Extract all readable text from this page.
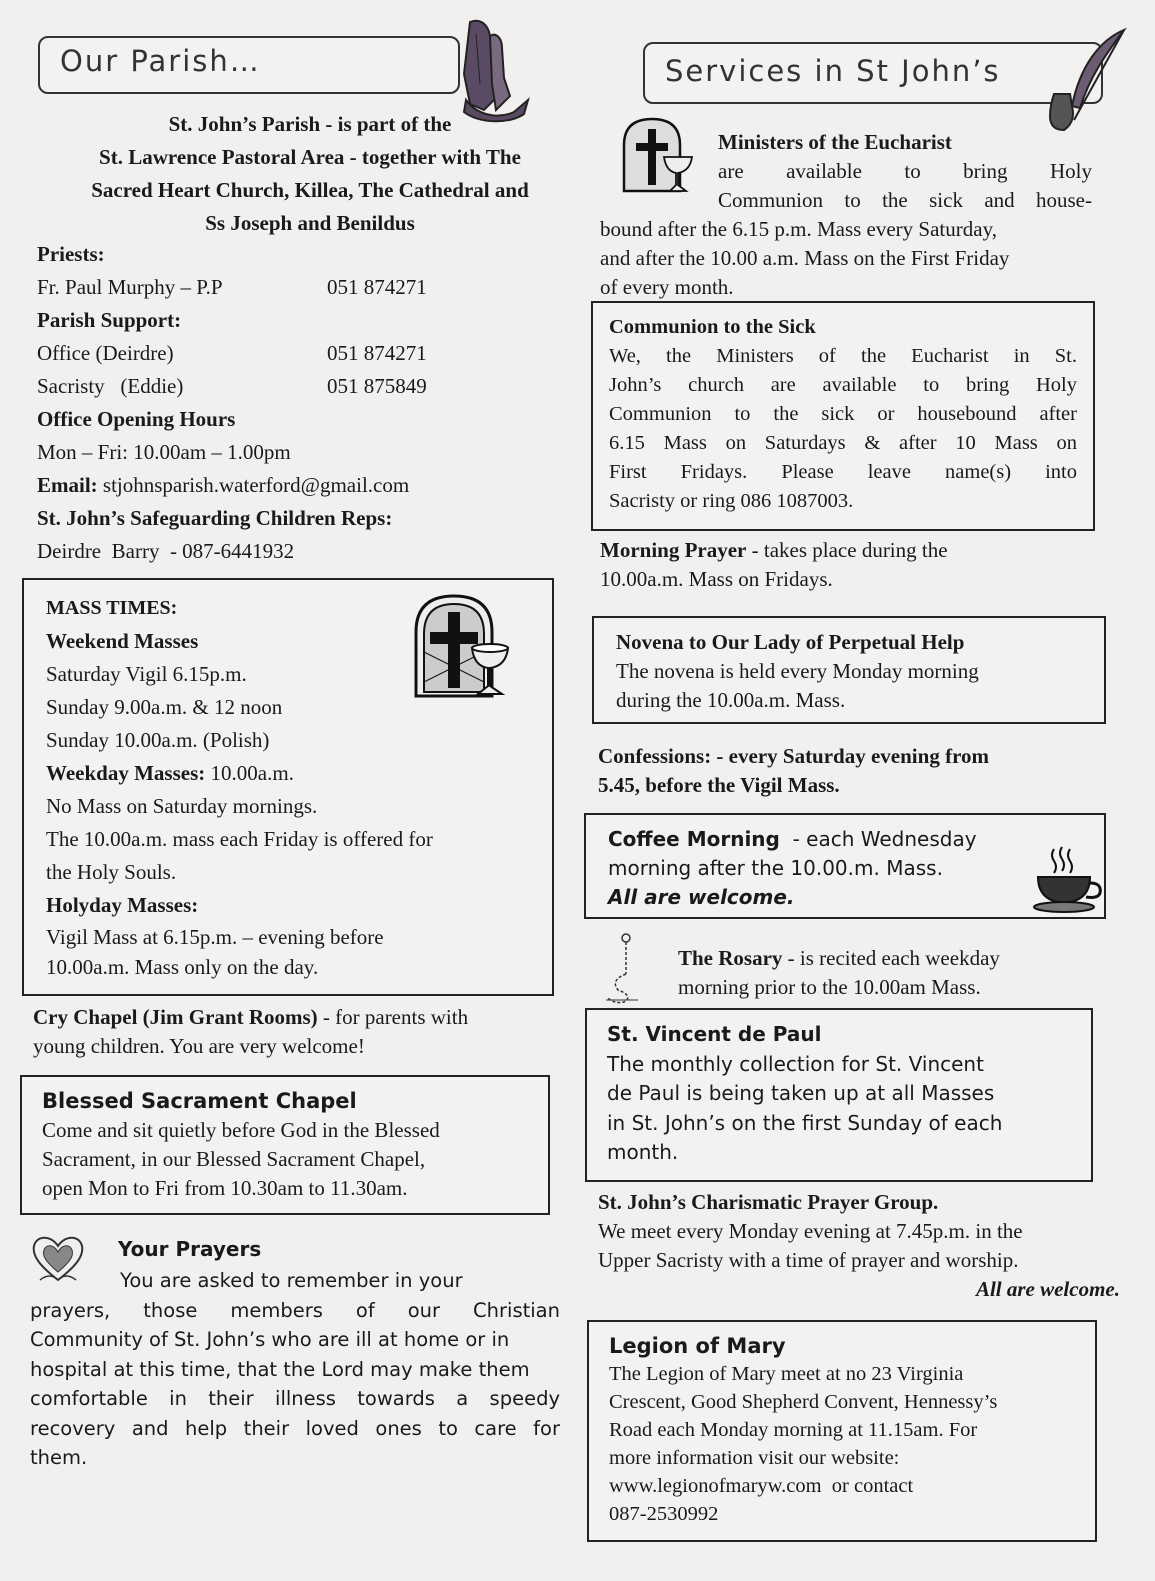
Our Parish…
St. John’s Parish - is part of the
St. Lawrence Pastoral Area - together with The
Sacred Heart Church, Killea, The Cathedral and
Ss Joseph and Benildus
Priests:
Fr. Paul Murphy – P.P	051 874271
Parish Support:
Office (Deirdre)	051 874271
Sacristy   (Eddie)	051 875849
Office Opening Hours
Mon – Fri: 10.00am – 1.00pm
Email: stjohnsparish.waterford@gmail.com
St. John’s Safeguarding Children Reps:
Deirdre  Barry  - 087-6441932
MASS TIMES:
Weekend Masses
Saturday Vigil 6.15p.m.
Sunday 9.00a.m. & 12 noon
Sunday 10.00a.m. (Polish)
Weekday Masses: 10.00a.m.
No Mass on Saturday mornings.
The 10.00a.m. mass each Friday is offered for
the Holy Souls.
Holyday Masses:
Vigil Mass at 6.15p.m. – evening before
10.00a.m. Mass only on the day.
Cry Chapel (Jim Grant Rooms) - for parents with
young children. You are very welcome!
Blessed Sacrament Chapel
Come and sit quietly before God in the Blessed
Sacrament, in our Blessed Sacrament Chapel,
open Mon to Fri from 10.30am to 11.30am.
Your Prayers
You are asked to remember in your
prayers, those members of our Christian
Community of St. John’s who are ill at home or in
hospital at this time, that the Lord may make them
comfortable in their illness towards a speedy
recovery and help their loved ones to care for
them.
Services in St John’s
Ministers of the Eucharist
are available to bring Holy
Communion to the sick and house-
bound after the 6.15 p.m. Mass every Saturday,
and after the 10.00 a.m. Mass on the First Friday
of every month.
Communion to the Sick
We, the Ministers of the Eucharist in St.
John’s church are available to bring Holy
Communion to the sick or housebound after
6.15 Mass on Saturdays & after 10 Mass on
First Fridays. Please leave name(s) into
Sacristy or ring 086 1087003.
Morning Prayer - takes place during the
10.00a.m. Mass on Fridays.
Novena to Our Lady of Perpetual Help
The novena is held every Monday morning
during the 10.00a.m. Mass.
Confessions: - every Saturday evening from
5.45, before the Vigil Mass.
Coffee Morning  - each Wednesday
morning after the 10.00.m. Mass.
All are welcome.
The Rosary - is recited each weekday
morning prior to the 10.00am Mass.
St. Vincent de Paul
The monthly collection for St. Vincent
de Paul is being taken up at all Masses
in St. John’s on the first Sunday of each
month.
St. John’s Charismatic Prayer Group.
We meet every Monday evening at 7.45p.m. in the
Upper Sacristy with a time of prayer and worship.
All are welcome.
Legion of Mary
The Legion of Mary meet at no 23 Virginia
Crescent, Good Shepherd Convent, Hennessy’s
Road each Monday morning at 11.15am. For
more information visit our website:
www.legionofmaryw.com  or contact
087-2530992
